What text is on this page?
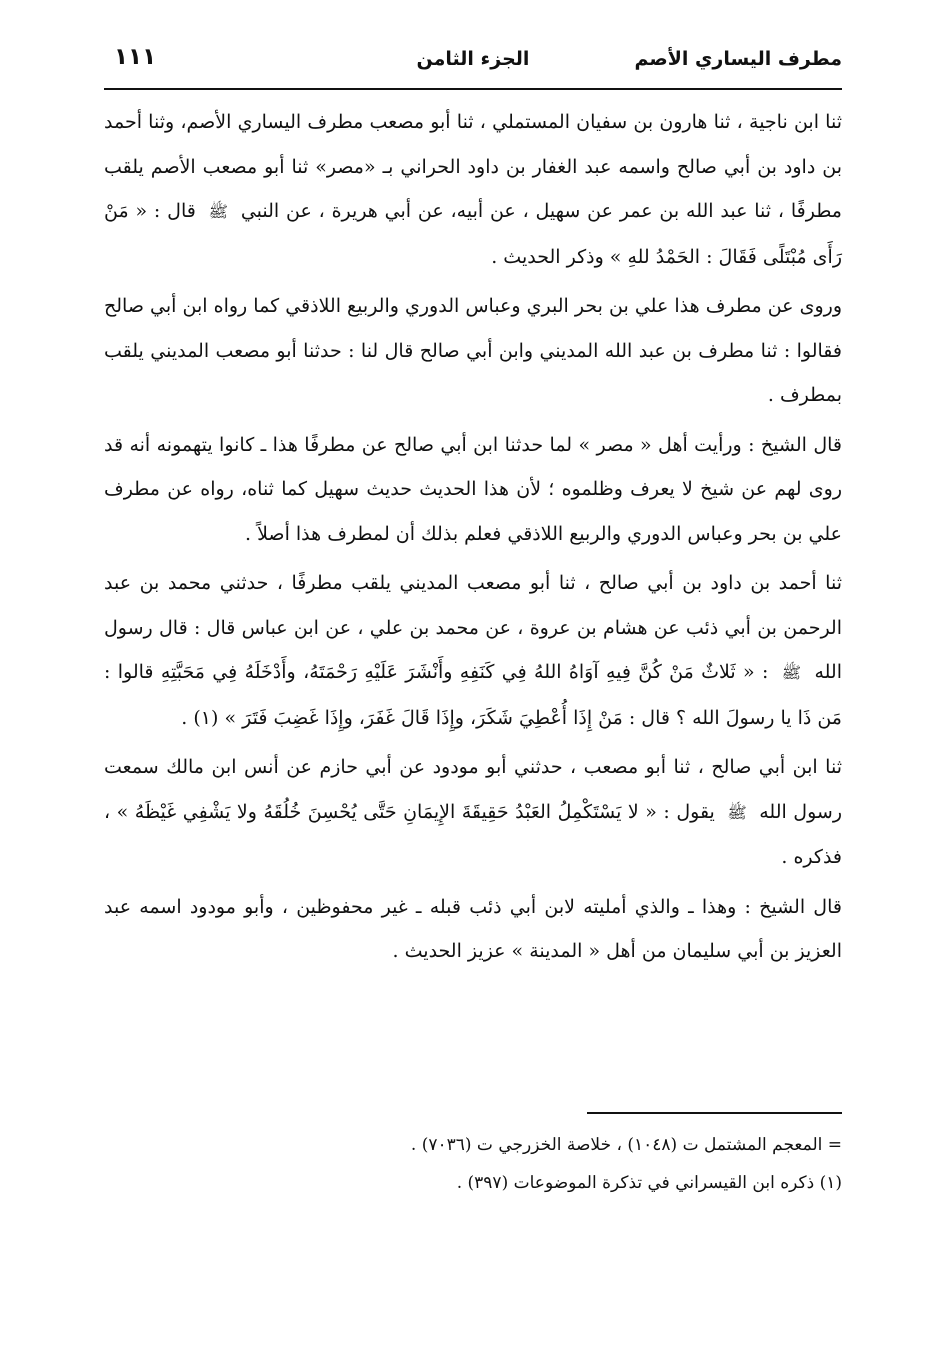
مطرف اليساري الأصم
الجزء الثامن
١١١

ثنا ابن ناجية ، ثنا هارون بن سفيان المستملي ، ثنا أبو مصعب مطرف اليساري الأصم، وثنا أحمد بن داود بن أبي صالح واسمه عبد الغفار بن داود الحراني بـ «مصر» ثنا أبو مصعب الأصم يلقب مطرفًا ، ثنا عبد الله بن عمر عن سهيل ، عن أبيه، عن أبي هريرة ، عن النبي ﷺ قال : « مَنْ رَأَى مُبْتَلًى فَقَالَ : الحَمْدُ للهِ » وذكر الحديث .

وروى عن مطرف هذا علي بن بحر البري وعباس الدوري والربيع اللاذقي كما رواه ابن أبي صالح فقالوا : ثنا مطرف بن عبد الله المديني وابن أبي صالح قال لنا : حدثنا أبو مصعب المديني يلقب بمطرف .

قال الشيخ : ورأيت أهل « مصر » لما حدثنا ابن أبي صالح عن مطرفًا هذا ـ كانوا يتهمونه أنه قد روى لهم عن شيخ لا يعرف وظلموه ؛ لأن هذا الحديث حديث سهيل كما ثناه، رواه عن مطرف علي بن بحر وعباس الدوري والربيع اللاذقي فعلم بذلك أن لمطرف هذا أصلاً .

ثنا أحمد بن داود بن أبي صالح ، ثنا أبو مصعب المديني يلقب مطرفًا ، حدثني محمد بن عبد الرحمن بن أبي ذئب عن هشام بن عروة ، عن محمد بن علي ، عن ابن عباس قال : قال رسول الله ﷺ : « ثَلاثٌ مَنْ كُنَّ فِيهِ آوَاهُ اللهُ فِي كَنَفِهِ وأَنْشَرَ عَلَيْهِ رَحْمَتَهُ، وأَدْخَلَهُ فِي مَحَبَّتِهِ قالوا : مَن ذَا يا رسولَ الله ؟ قال : مَنْ إِذَا أُعْطِيَ شَكَرَ، وإِذَا قَالَ غَفَرَ، وإِذَا غَضِبَ فَتَرَ » (١) .

ثنا ابن أبي صالح ، ثنا أبو مصعب ، حدثني أبو مودود عن أبي حازم عن أنس ابن مالك سمعت رسول الله ﷺ يقول : « لا يَسْتَكْمِلُ العَبْدُ حَقِيقَةَ الإِيمَانِ حَتَّى يُحْسِنَ خُلُقَهُ ولا يَشْفِي غَيْظَهُ » ، فذكره .

قال الشيخ : وهذا ـ والذي أمليته لابن أبي ذئب قبله ـ غير محفوظين ، وأبو مودود اسمه عبد العزيز بن أبي سليمان من أهل « المدينة » عزيز الحديث .

= المعجم المشتمل ت (١٠٤٨) ، خلاصة الخزرجي ت (٧٠٣٦) .
(١) ذكره ابن القيسراني في تذكرة الموضوعات (٣٩٧) .
